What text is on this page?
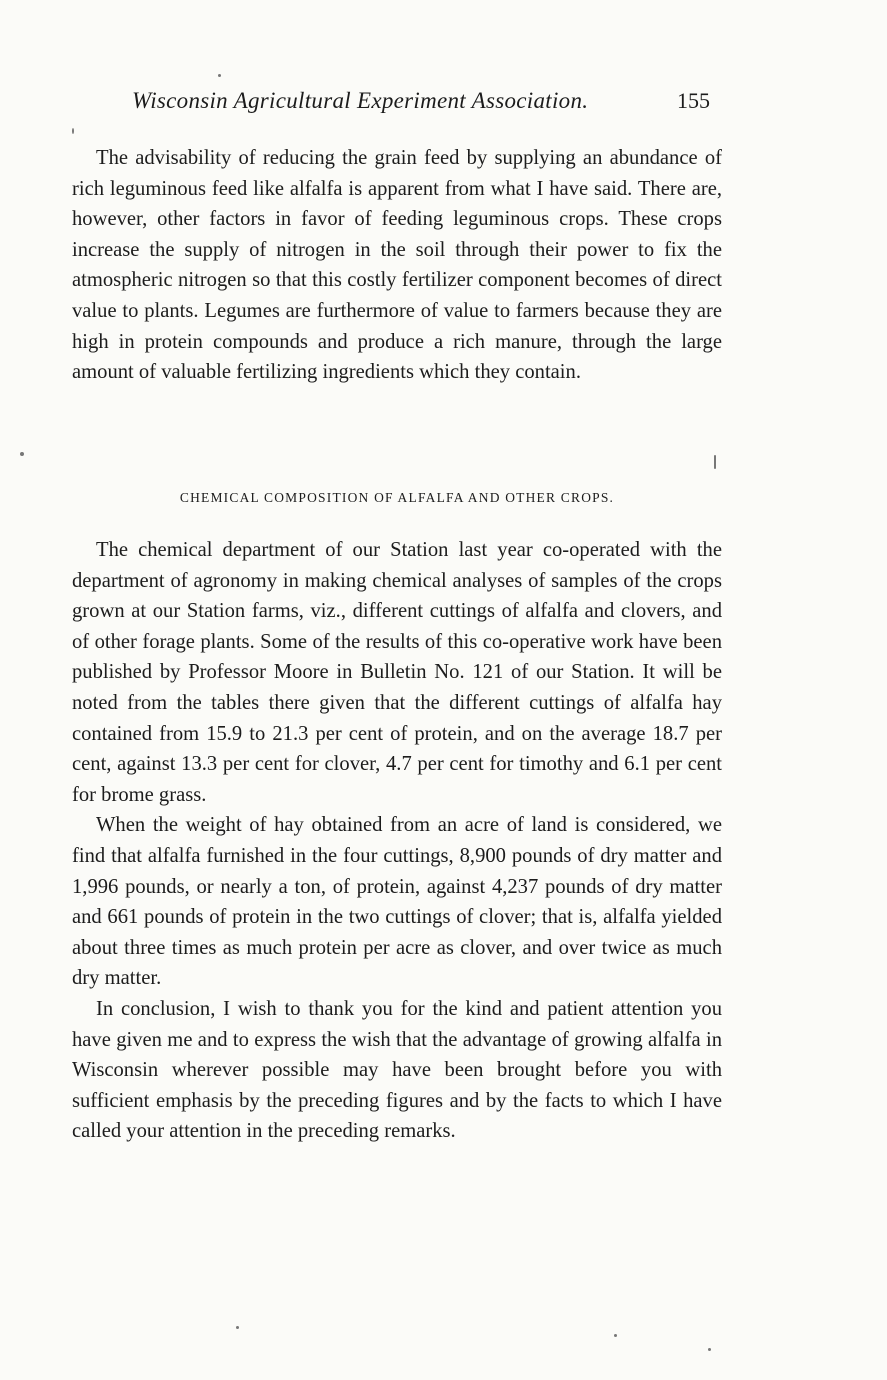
Wisconsin Agricultural Experiment Association.	155

The advisability of reducing the grain feed by supplying an abundance of rich leguminous feed like alfalfa is apparent from what I have said. There are, however, other factors in favor of feeding leguminous crops. These crops increase the supply of nitrogen in the soil through their power to fix the atmospheric nitrogen so that this costly fertilizer component becomes of direct value to plants. Legumes are furthermore of value to farmers because they are high in protein compounds and produce a rich manure, through the large amount of valuable fertilizing ingredients which they contain.

CHEMICAL COMPOSITION OF ALFALFA AND OTHER CROPS.

The chemical department of our Station last year co-operated with the department of agronomy in making chemical analyses of samples of the crops grown at our Station farms, viz., different cuttings of alfalfa and clovers, and of other forage plants. Some of the results of this co-operative work have been published by Professor Moore in Bulletin No. 121 of our Station. It will be noted from the tables there given that the different cuttings of alfalfa hay contained from 15.9 to 21.3 per cent of protein, and on the average 18.7 per cent, against 13.3 per cent for clover, 4.7 per cent for timothy and 6.1 per cent for brome grass.

When the weight of hay obtained from an acre of land is considered, we find that alfalfa furnished in the four cuttings, 8,900 pounds of dry matter and 1,996 pounds, or nearly a ton, of protein, against 4,237 pounds of dry matter and 661 pounds of protein in the two cuttings of clover; that is, alfalfa yielded about three times as much protein per acre as clover, and over twice as much dry matter.

In conclusion, I wish to thank you for the kind and patient attention you have given me and to express the wish that the advantage of growing alfalfa in Wisconsin wherever possible may have been brought before you with sufficient emphasis by the preceding figures and by the facts to which I have called your attention in the preceding remarks.
